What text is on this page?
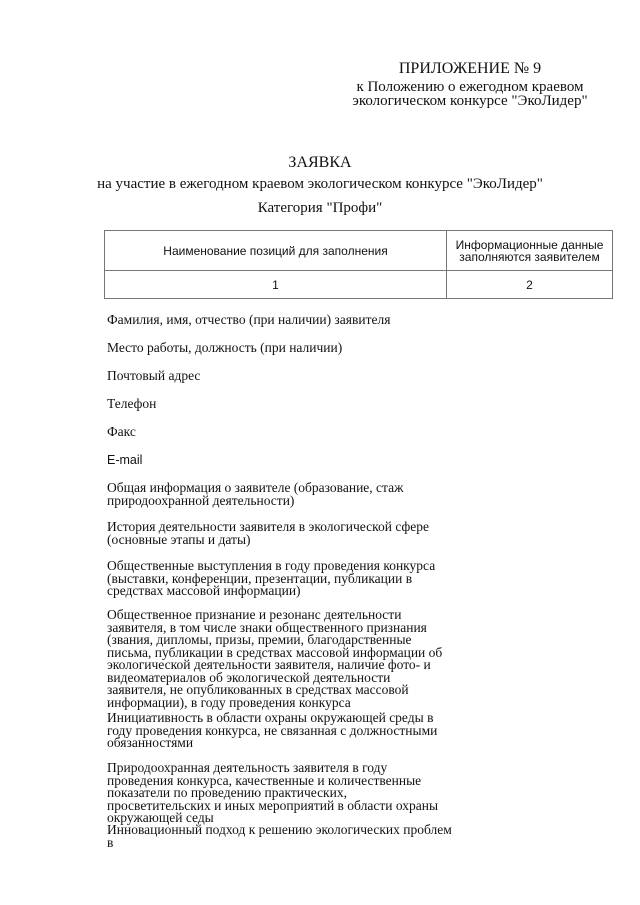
ПРИЛОЖЕНИЕ № 9
к Положению о ежегодном краевом
экологическом конкурсе "ЭкоЛидер"
ЗАЯВКА
на участие в ежегодном краевом экологическом конкурсе "ЭкоЛидер"
Категория "Профи"
Наименование позиций для заполнения	Информационные данные заполняются заявителем
1	2
Фамилия, имя, отчество (при наличии) заявителя
Место работы, должность (при наличии)
Почтовый адрес
Телефон
Факс
E-mail
Общая информация о заявителе (образование, стаж природоохранной деятельности)
История деятельности заявителя в экологической сфере (основные этапы и даты)
Общественные выступления в году проведения конкурса (выставки, конференции, презентации, публикации в средствах массовой информации)
Общественное признание и резонанс деятельности заявителя, в том числе знаки общественного признания (звания, дипломы, призы, премии, благодарственные письма, публикации в средствах массовой информации об экологической деятельности заявителя, наличие фото- и видеоматериалов об экологической деятельности заявителя, не опубликованных в средствах массовой информации), в году проведения конкурса
Инициативность в области охраны окружающей среды в году проведения конкурса, не связанная с должностными обязанностями
Природоохранная деятельность заявителя в году проведения конкурса, качественные и количественные показатели по проведению практических, просветительских и иных мероприятий в области охраны окружающей седы
Инновационный подход к решению экологических проблем в
